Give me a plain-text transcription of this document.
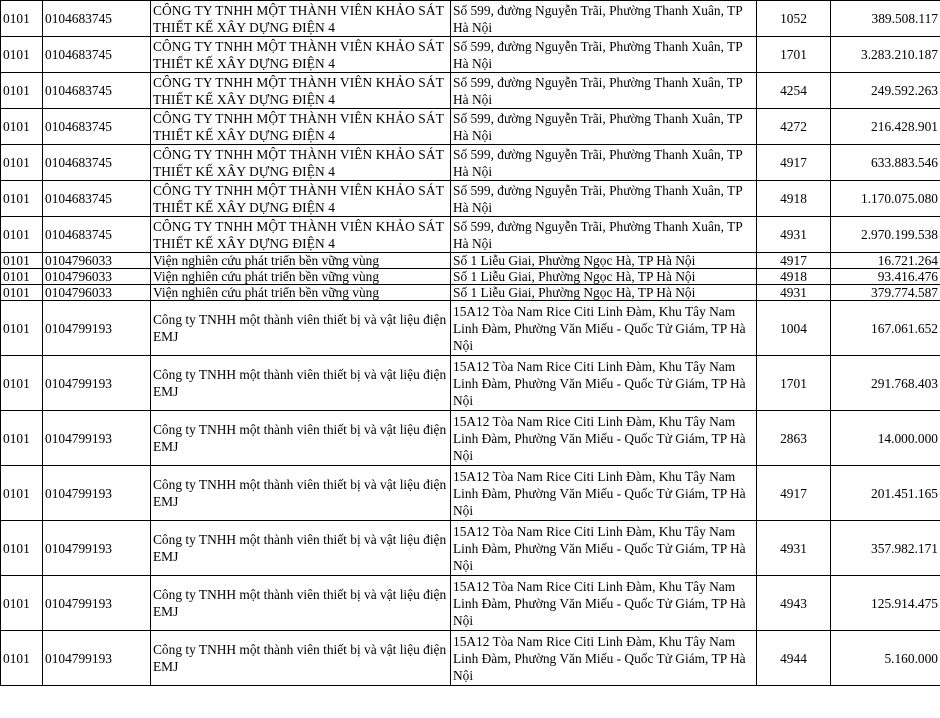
0101	0104683745	CÔNG TY TNHH MỘT THÀNH VIÊN KHẢO SÁT THIẾT KẾ XÂY DỰNG ĐIỆN 4	Số 599, đường Nguyễn Trãi, Phường Thanh Xuân, TP Hà Nội	1052	389.508.117
0101	0104683745	CÔNG TY TNHH MỘT THÀNH VIÊN KHẢO SÁT THIẾT KẾ XÂY DỰNG ĐIỆN 4	Số 599, đường Nguyễn Trãi, Phường Thanh Xuân, TP Hà Nội	1701	3.283.210.187
0101	0104683745	CÔNG TY TNHH MỘT THÀNH VIÊN KHẢO SÁT THIẾT KẾ XÂY DỰNG ĐIỆN 4	Số 599, đường Nguyễn Trãi, Phường Thanh Xuân, TP Hà Nội	4254	249.592.263
0101	0104683745	CÔNG TY TNHH MỘT THÀNH VIÊN KHẢO SÁT THIẾT KẾ XÂY DỰNG ĐIỆN 4	Số 599, đường Nguyễn Trãi, Phường Thanh Xuân, TP Hà Nội	4272	216.428.901
0101	0104683745	CÔNG TY TNHH MỘT THÀNH VIÊN KHẢO SÁT THIẾT KẾ XÂY DỰNG ĐIỆN 4	Số 599, đường Nguyễn Trãi, Phường Thanh Xuân, TP Hà Nội	4917	633.883.546
0101	0104683745	CÔNG TY TNHH MỘT THÀNH VIÊN KHẢO SÁT THIẾT KẾ XÂY DỰNG ĐIỆN 4	Số 599, đường Nguyễn Trãi, Phường Thanh Xuân, TP Hà Nội	4918	1.170.075.080
0101	0104683745	CÔNG TY TNHH MỘT THÀNH VIÊN KHẢO SÁT THIẾT KẾ XÂY DỰNG ĐIỆN 4	Số 599, đường Nguyễn Trãi, Phường Thanh Xuân, TP Hà Nội	4931	2.970.199.538
0101	0104796033	Viện nghiên cứu phát triển bền vững vùng	Số 1 Liễu Giai, Phường Ngọc Hà, TP Hà Nội	4917	16.721.264
0101	0104796033	Viện nghiên cứu phát triển bền vững vùng	Số 1 Liễu Giai, Phường Ngọc Hà, TP Hà Nội	4918	93.416.476
0101	0104796033	Viện nghiên cứu phát triển bền vững vùng	Số 1 Liễu Giai, Phường Ngọc Hà, TP Hà Nội	4931	379.774.587
0101	0104799193	Công ty TNHH một thành viên thiết bị và vật liệu điện EMJ	15A12 Tòa Nam Rice Citi Linh Đàm, Khu Tây Nam Linh Đàm, Phường Văn Miếu - Quốc Tử Giám, TP Hà Nội	1004	167.061.652
0101	0104799193	Công ty TNHH một thành viên thiết bị và vật liệu điện EMJ	15A12 Tòa Nam Rice Citi Linh Đàm, Khu Tây Nam Linh Đàm, Phường Văn Miếu - Quốc Tử Giám, TP Hà Nội	1701	291.768.403
0101	0104799193	Công ty TNHH một thành viên thiết bị và vật liệu điện EMJ	15A12 Tòa Nam Rice Citi Linh Đàm, Khu Tây Nam Linh Đàm, Phường Văn Miếu - Quốc Tử Giám, TP Hà Nội	2863	14.000.000
0101	0104799193	Công ty TNHH một thành viên thiết bị và vật liệu điện EMJ	15A12 Tòa Nam Rice Citi Linh Đàm, Khu Tây Nam Linh Đàm, Phường Văn Miếu - Quốc Tử Giám, TP Hà Nội	4917	201.451.165
0101	0104799193	Công ty TNHH một thành viên thiết bị và vật liệu điện EMJ	15A12 Tòa Nam Rice Citi Linh Đàm, Khu Tây Nam Linh Đàm, Phường Văn Miếu - Quốc Tử Giám, TP Hà Nội	4931	357.982.171
0101	0104799193	Công ty TNHH một thành viên thiết bị và vật liệu điện EMJ	15A12 Tòa Nam Rice Citi Linh Đàm, Khu Tây Nam Linh Đàm, Phường Văn Miếu - Quốc Tử Giám, TP Hà Nội	4943	125.914.475
0101	0104799193	Công ty TNHH một thành viên thiết bị và vật liệu điện EMJ	15A12 Tòa Nam Rice Citi Linh Đàm, Khu Tây Nam Linh Đàm, Phường Văn Miếu - Quốc Tử Giám, TP Hà Nội	4944	5.160.000
